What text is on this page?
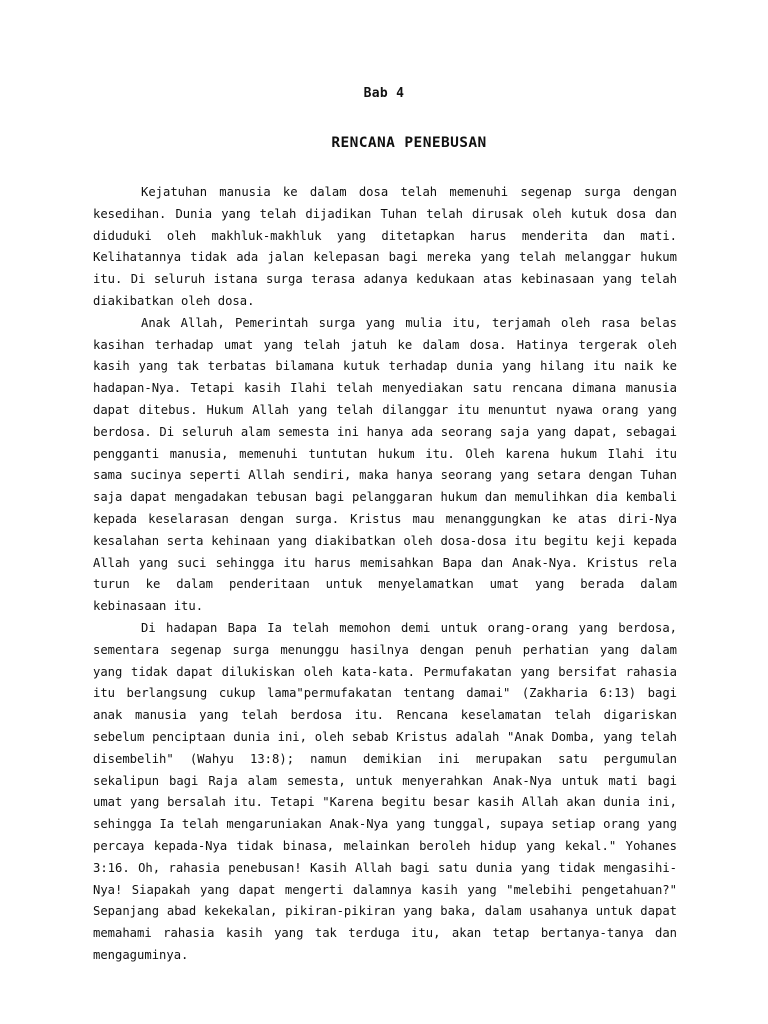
Bab 4
RENCANA PENEBUSAN

Kejatuhan manusia ke dalam dosa telah memenuhi segenap surga dengan kesedihan. Dunia yang telah dijadikan Tuhan telah dirusak oleh kutuk dosa dan diduduki oleh makhluk-makhluk yang ditetapkan harus menderita dan mati. Kelihatannya tidak ada jalan kelepasan bagi mereka yang telah melanggar hukum itu. Di seluruh istana surga terasa adanya kedukaan atas kebinasaan yang telah diakibatkan oleh dosa.

Anak Allah, Pemerintah surga yang mulia itu, terjamah oleh rasa belas kasihan terhadap umat yang telah jatuh ke dalam dosa. Hatinya tergerak oleh kasih yang tak terbatas bilamana kutuk terhadap dunia yang hilang itu naik ke hadapan-Nya. Tetapi kasih Ilahi telah menyediakan satu rencana dimana manusia dapat ditebus. Hukum Allah yang telah dilanggar itu menuntut nyawa orang yang berdosa. Di seluruh alam semesta ini hanya ada seorang saja yang dapat, sebagai pengganti manusia, memenuhi tuntutan hukum itu. Oleh karena hukum Ilahi itu sama sucinya seperti Allah sendiri, maka hanya seorang yang setara dengan Tuhan saja dapat mengadakan tebusan bagi pelanggaran hukum dan memulihkan dia kembali kepada keselarasan dengan surga. Kristus mau menanggungkan ke atas diri-Nya kesalahan serta kehinaan yang diakibatkan oleh dosa-dosa itu begitu keji kepada Allah yang suci sehingga itu harus memisahkan Bapa dan Anak-Nya. Kristus rela turun ke dalam penderitaan untuk menyelamatkan umat yang berada dalam kebinasaan itu.

Di hadapan Bapa Ia telah memohon demi untuk orang-orang yang berdosa, sementara segenap surga menunggu hasilnya dengan penuh perhatian yang dalam yang tidak dapat dilukiskan oleh kata-kata. Permufakatan yang bersifat rahasia itu berlangsung cukup lama"permufakatan tentang damai" (Zakharia 6:13) bagi anak manusia yang telah berdosa itu. Rencana keselamatan telah digariskan sebelum penciptaan dunia ini, oleh sebab Kristus adalah "Anak Domba, yang telah disembelih" (Wahyu 13:8); namun demikian ini merupakan satu pergumulan sekalipun bagi Raja alam semesta, untuk menyerahkan Anak-Nya untuk mati bagi umat yang bersalah itu. Tetapi "Karena begitu besar kasih Allah akan dunia ini, sehingga Ia telah mengaruniakan Anak-Nya yang tunggal, supaya setiap orang yang percaya kepada-Nya tidak binasa, melainkan beroleh hidup yang kekal." Yohanes 3:16. Oh, rahasia penebusan! Kasih Allah bagi satu dunia yang tidak mengasihi-Nya! Siapakah yang dapat mengerti dalamnya kasih yang "melebihi pengetahuan?" Sepanjang abad kekekalan, pikiran-pikiran yang baka, dalam usahanya untuk dapat memahami rahasia kasih yang tak terduga itu, akan tetap bertanya-tanya dan mengaguminya.
